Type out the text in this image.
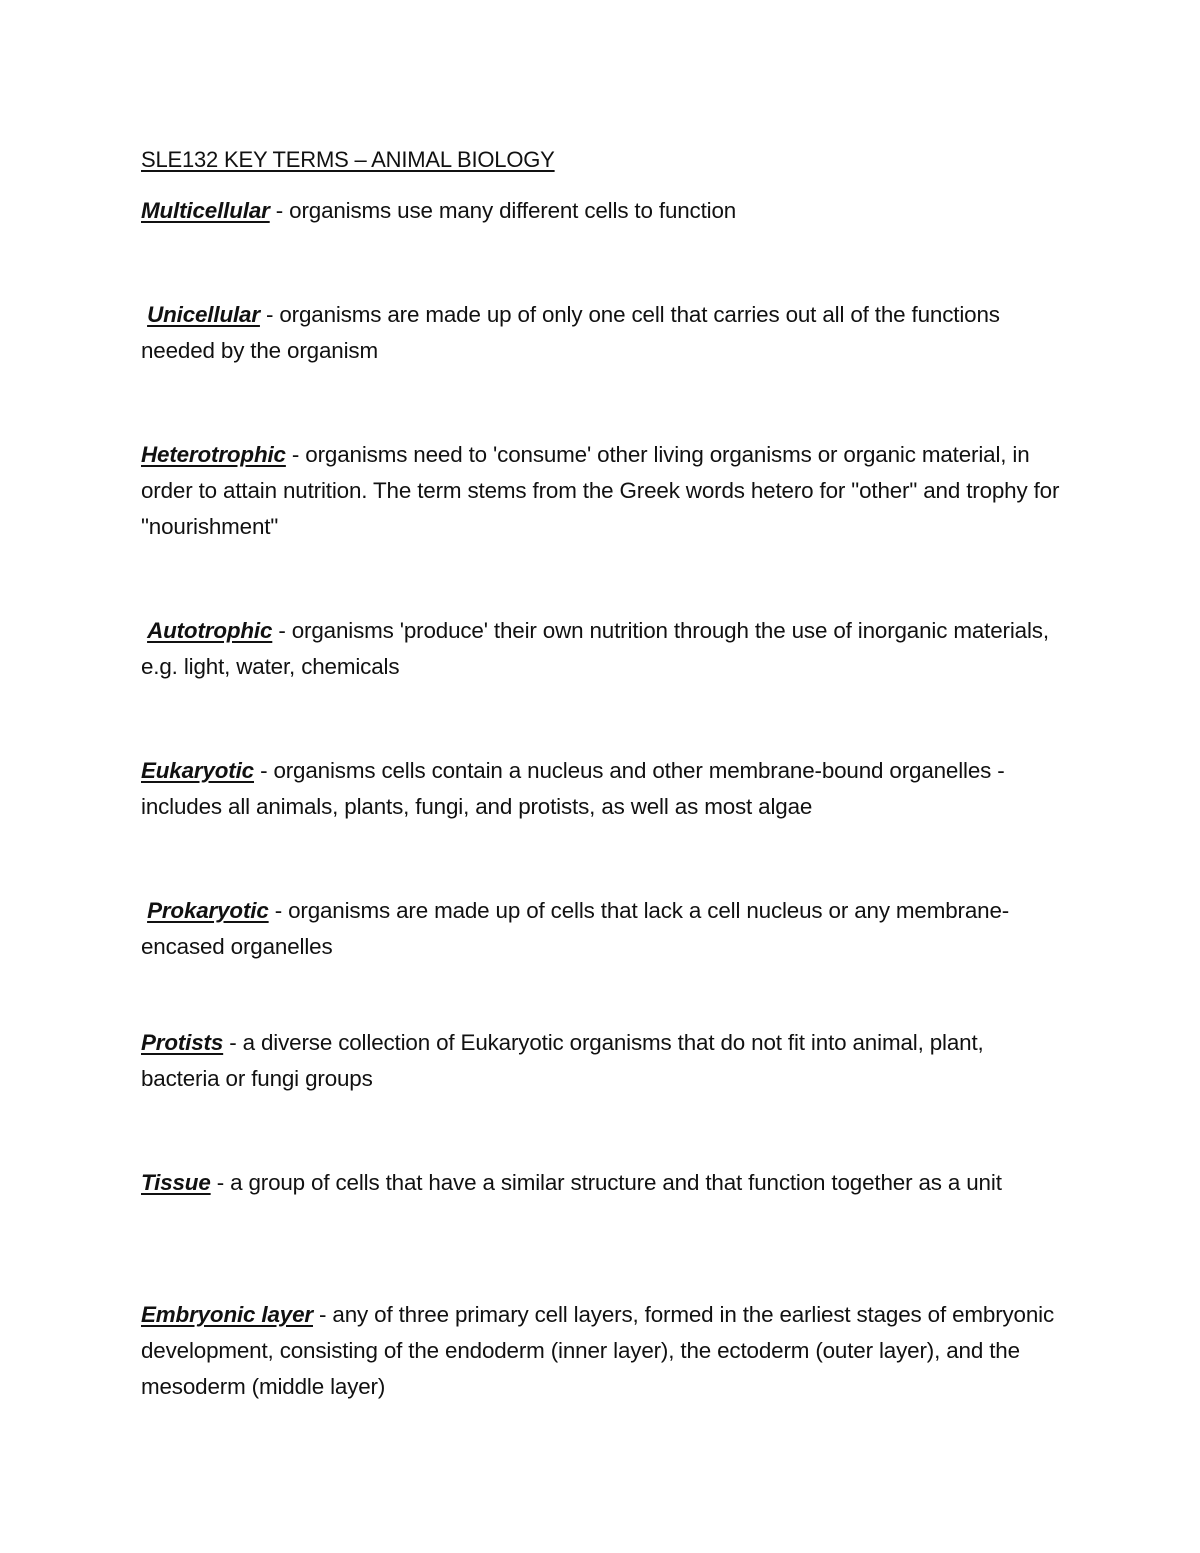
SLE132 KEY TERMS – ANIMAL BIOLOGY
Multicellular - organisms use many different cells to function
Unicellular - organisms are made up of only one cell that carries out all of the functions needed by the organism
Heterotrophic - organisms need to 'consume' other living organisms or organic material, in order to attain nutrition. The term stems from the Greek words hetero for "other" and trophy for "nourishment"
Autotrophic - organisms 'produce' their own nutrition through the use of inorganic materials, e.g. light, water, chemicals
Eukaryotic - organisms cells contain a nucleus and other membrane-bound organelles - includes all animals, plants, fungi, and protists, as well as most algae
Prokaryotic - organisms are made up of cells that lack a cell nucleus or any membrane-encased organelles
Protists - a diverse collection of Eukaryotic organisms that do not fit into animal, plant, bacteria or fungi groups
Tissue - a group of cells that have a similar structure and that function together as a unit
Embryonic layer - any of three primary cell layers, formed in the earliest stages of embryonic development, consisting of the endoderm (inner layer), the ectoderm (outer layer), and the mesoderm (middle layer)
